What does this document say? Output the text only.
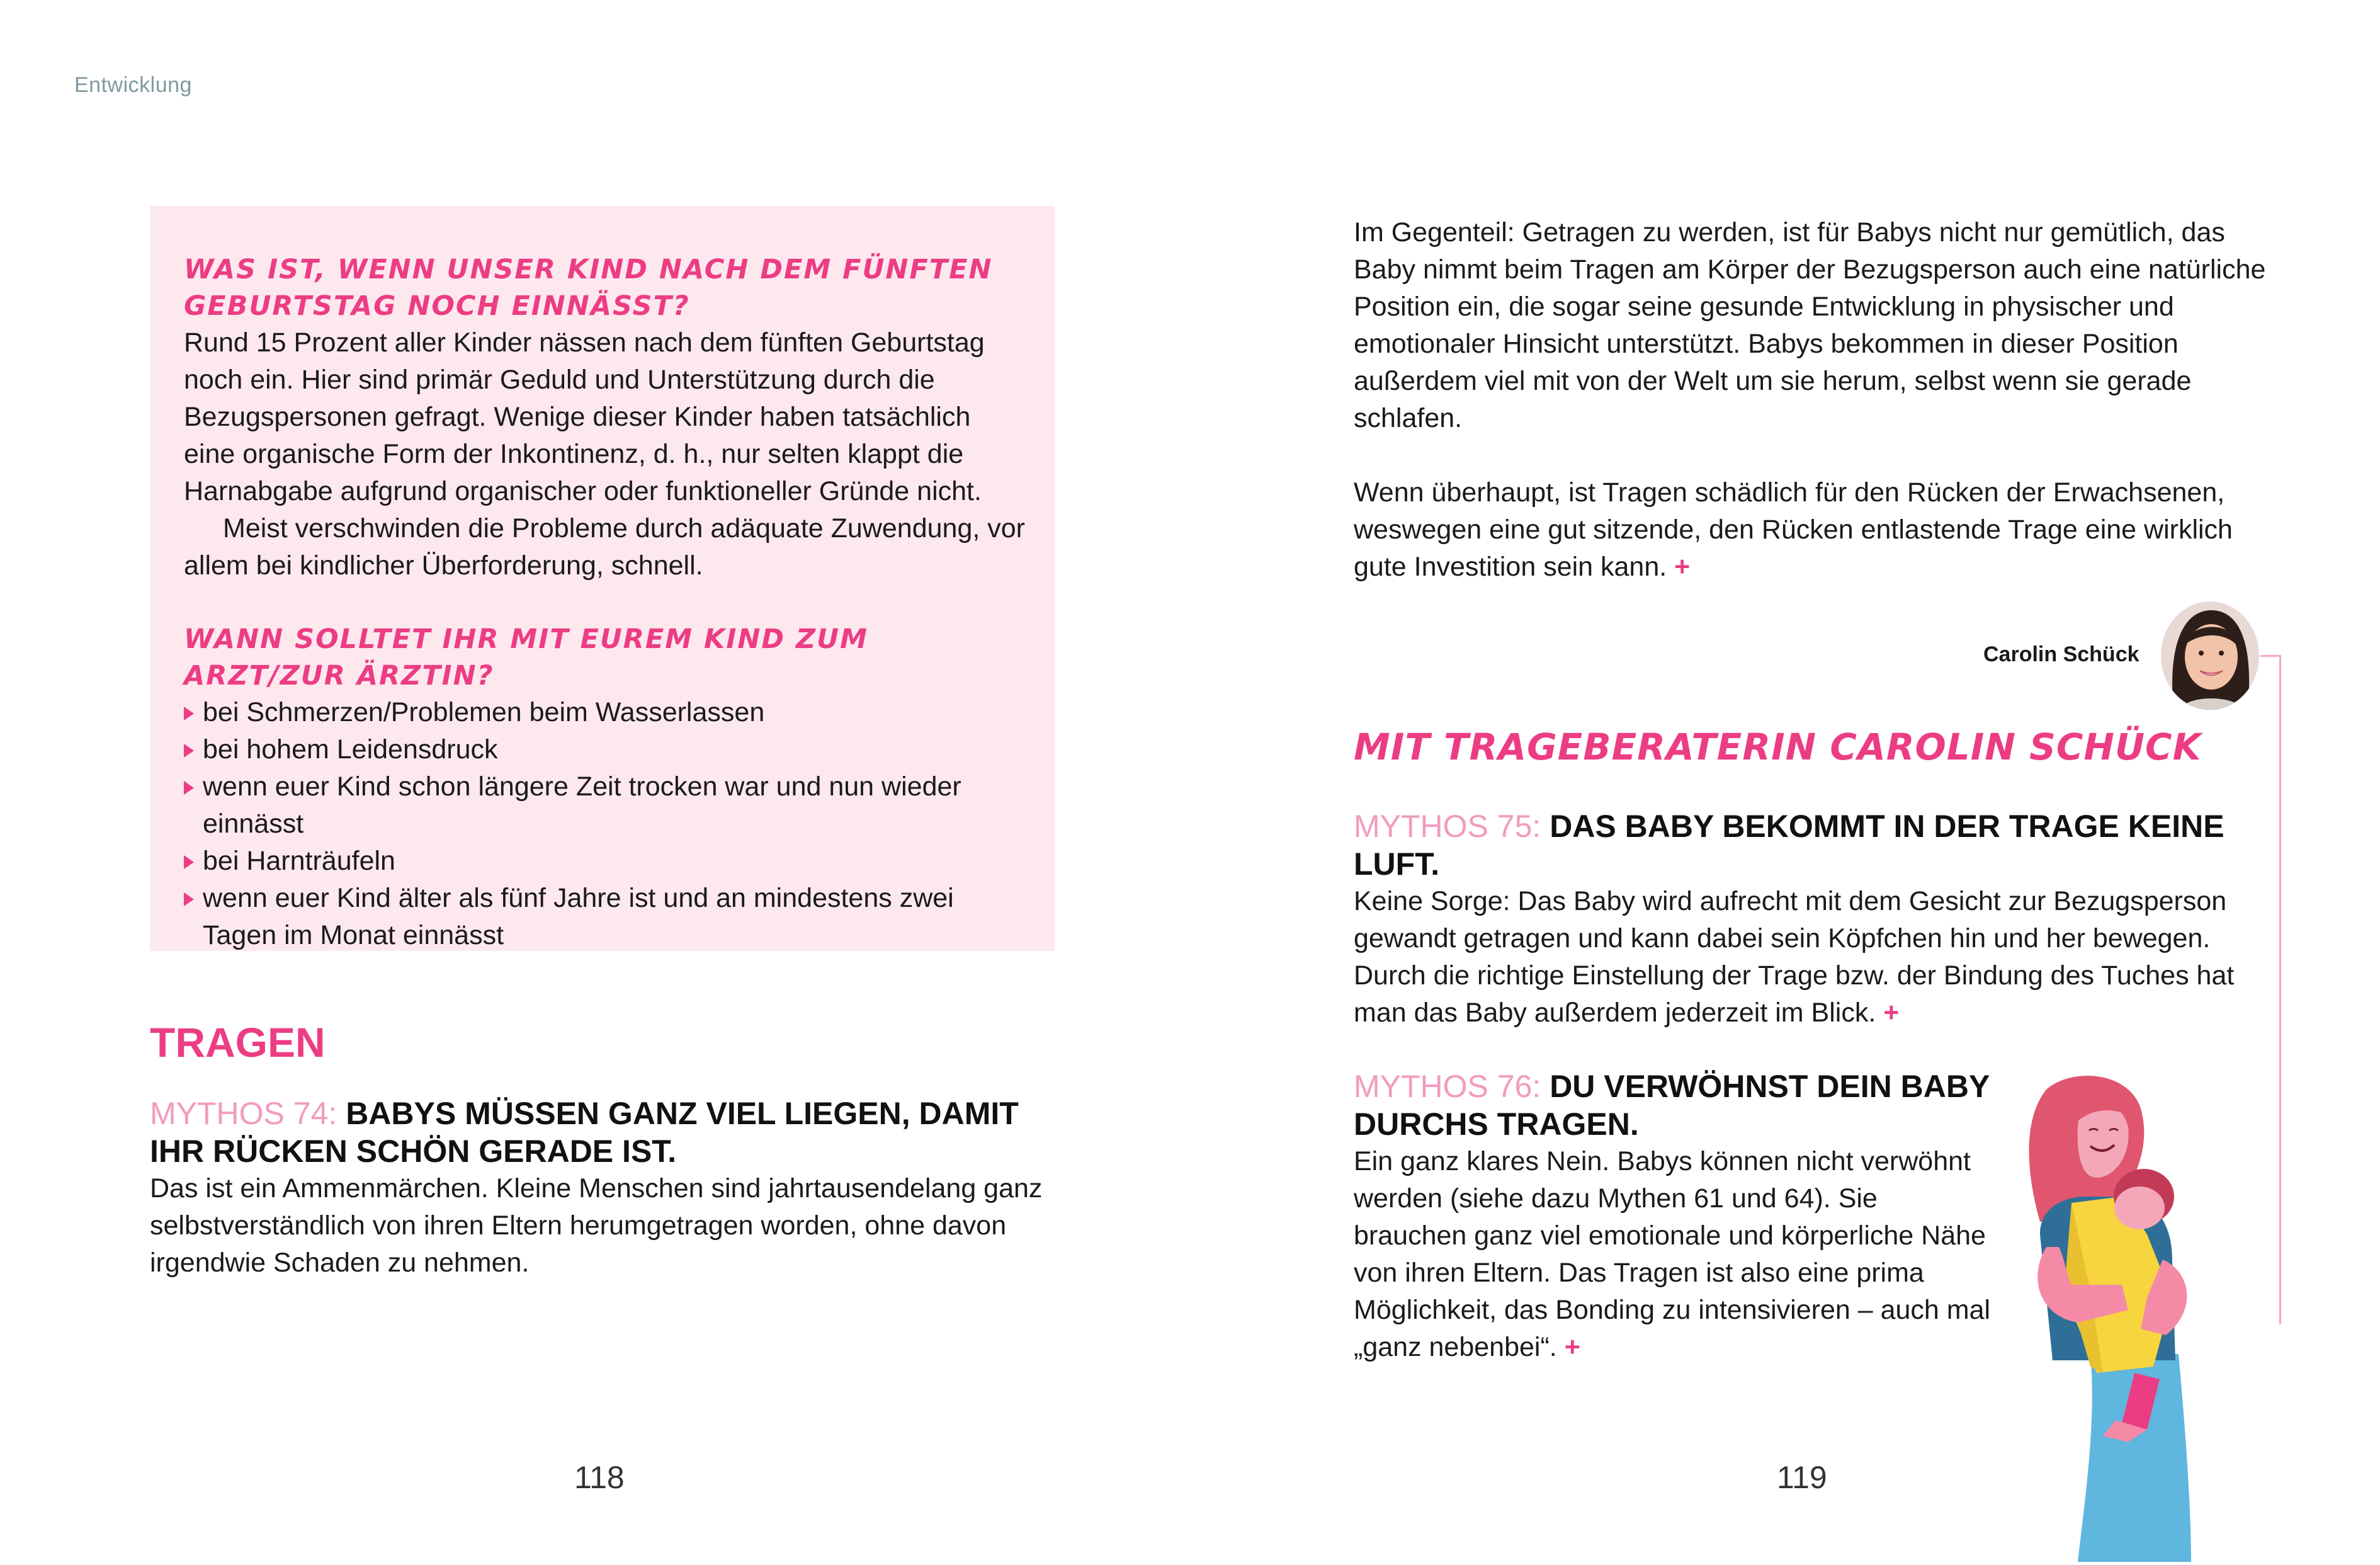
Entwicklung
WAS IST, WENN UNSER KIND NACH DEM FÜNFTEN
GEBURTSTAG NOCH EINNÄSST?

Rund 15 Prozent aller Kinder nässen nach dem fünften Geburtstag noch ein. Hier sind primär Geduld und Unterstützung durch die Bezugspersonen gefragt. Wenige dieser Kinder haben tatsächlich eine organische Form der Inkontinenz, d. h., nur selten klappt die Harnabgabe aufgrund organischer oder funktioneller Gründe nicht.

Meist verschwinden die Probleme durch adäquate Zuwendung, vor allem bei kindlicher Überforderung, schnell.

WANN SOLLTET IHR MIT EUREM KIND ZUM ARZT/ZUR ÄRZTIN?
bei Schmerzen/Problemen beim Wasserlassen
bei hohem Leidensdruck
wenn euer Kind schon längere Zeit trocken war und nun wieder einnässt
bei Harnträufeln
wenn euer Kind älter als fünf Jahre ist und an mindestens zwei Tagen im Monat einnässt
TRAGEN
MYTHOS 74: BABYS MÜSSEN GANZ VIEL LIEGEN, DAMIT IHR RÜCKEN SCHÖN GERADE IST.

Das ist ein Ammenmärchen. Kleine Menschen sind jahrtausendelang ganz selbstverständlich von ihren Eltern herumgetragen worden, ohne davon irgendwie Schaden zu nehmen.

Im Gegenteil: Getragen zu werden, ist für Babys nicht nur gemütlich, das Baby nimmt beim Tragen am Körper der Bezugsperson auch eine natürliche Position ein, die sogar seine gesunde Entwicklung in physischer und emotionaler Hinsicht unterstützt. Babys bekommen in dieser Position außerdem viel mit von der Welt um sie herum, selbst wenn sie gerade schlafen.

Wenn überhaupt, ist Tragen schädlich für den Rücken der Erwachsenen, weswegen eine gut sitzende, den Rücken entlastende Trage eine wirklich gute Investition sein kann. +

Carolin Schück
MIT TRAGEBERATERIN CAROLIN SCHÜCK
MYTHOS 75: DAS BABY BEKOMMT IN DER TRAGE KEINE LUFT.

Keine Sorge: Das Baby wird aufrecht mit dem Gesicht zur Bezugsperson gewandt getragen und kann dabei sein Köpfchen hin und her bewegen. Durch die richtige Einstellung der Trage bzw. der Bindung des Tuches hat man das Baby außerdem jederzeit im Blick. +

MYTHOS 76: DU VERWÖHNST DEIN BABY DURCHS TRAGEN.

Ein ganz klares Nein. Babys können nicht verwöhnt werden (siehe dazu Mythen 61 und 64). Sie brauchen ganz viel emotionale und körperliche Nähe von ihren Eltern. Das Tragen ist also eine prima Möglichkeit, das Bonding zu intensivieren – auch mal „ganz nebenbei“. +

118	119
